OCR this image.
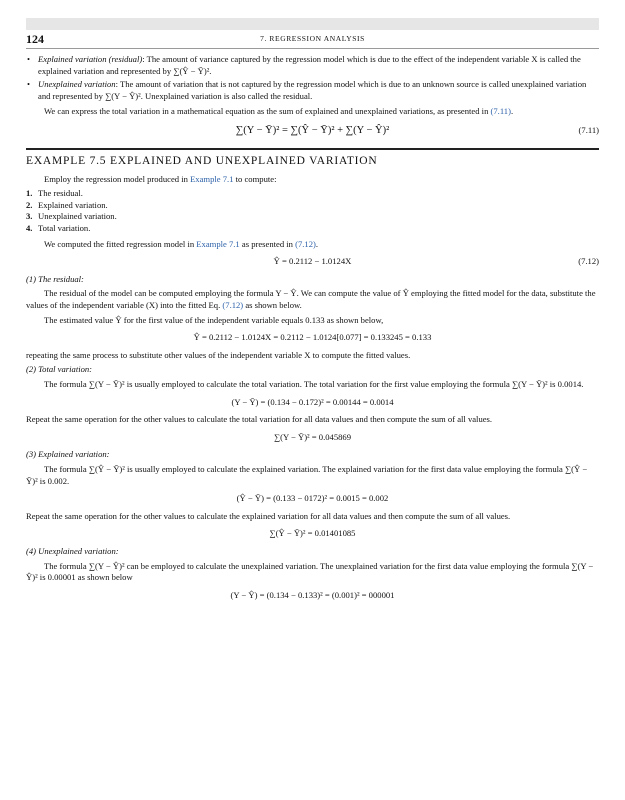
124	7. REGRESSION ANALYSIS
• Explained variation (residual): The amount of variance captured by the regression model which is due to the effect of the independent variable X is called the explained variation and represented by ∑(Ŷ − Ȳ)².
• Unexplained variation: The amount of variation that is not captured by the regression model which is due to an unknown source is called unexplained variation and represented by ∑(Y − Ŷ)². Unexplained variation is also called the residual.

We can express the total variation in a mathematical equation as the sum of explained and unexplained variations, as presented in (7.11).

∑(Y − Ȳ)² = ∑(Ŷ − Ȳ)² + ∑(Y − Ŷ)²	(7.11)
EXAMPLE 7.5 EXPLAINED AND UNEXPLAINED VARIATION

Employ the regression model produced in Example 7.1 to compute:

1. The residual.
2. Explained variation.
3. Unexplained variation.
4. Total variation.

We computed the fitted regression model in Example 7.1 as presented in (7.12).

Ŷ = 0.2112 − 1.0124X	(7.12)
(1) The residual:

The residual of the model can be computed employing the formula Y − Ŷ. We can compute the value of Ŷ employing the fitted model for the data, substitute the values of the independent variable (X) into the fitted Eq. (7.12) as shown below.

The estimated value Ŷ for the first value of the independent variable equals 0.133 as shown below,

Ŷ = 0.2112 − 1.0124X = 0.2112 − 1.0124[0.077] = 0.133245 = 0.133

repeating the same process to substitute other values of the independent variable X to compute the fitted values.

(2) Total variation:

The formula ∑(Y − Ȳ)² is usually employed to calculate the total variation. The total variation for the first value employing the formula ∑(Y − Ȳ)² is 0.0014.

(Y − Ȳ) = (0.134 − 0.172)² = 0.00144 = 0.0014

Repeat the same operation for the other values to calculate the total variation for all data values and then compute the sum of all values.

∑(Y − Ȳ)² = 0.045869
(3) Explained variation:

The formula ∑(Ŷ − Ȳ)² is usually employed to calculate the explained variation. The explained variation for the first data value employing the formula ∑(Ŷ − Ȳ)² is 0.002.

(Ŷ − Ȳ) = (0.133 − 0172)² = 0.0015 = 0.002

Repeat the same operation for the other values to calculate the explained variation for all data values and then compute the sum of all values.

∑(Ŷ − Ȳ)² = 0.01401085
(4) Unexplained variation:

The formula ∑(Y − Ŷ)² can be employed to calculate the unexplained variation. The unexplained variation for the first data value employing the formula ∑(Y − Ŷ)² is 0.00001 as shown below

(Y − Ŷ) = (0.134 − 0.133)² = (0.001)² = 000001
